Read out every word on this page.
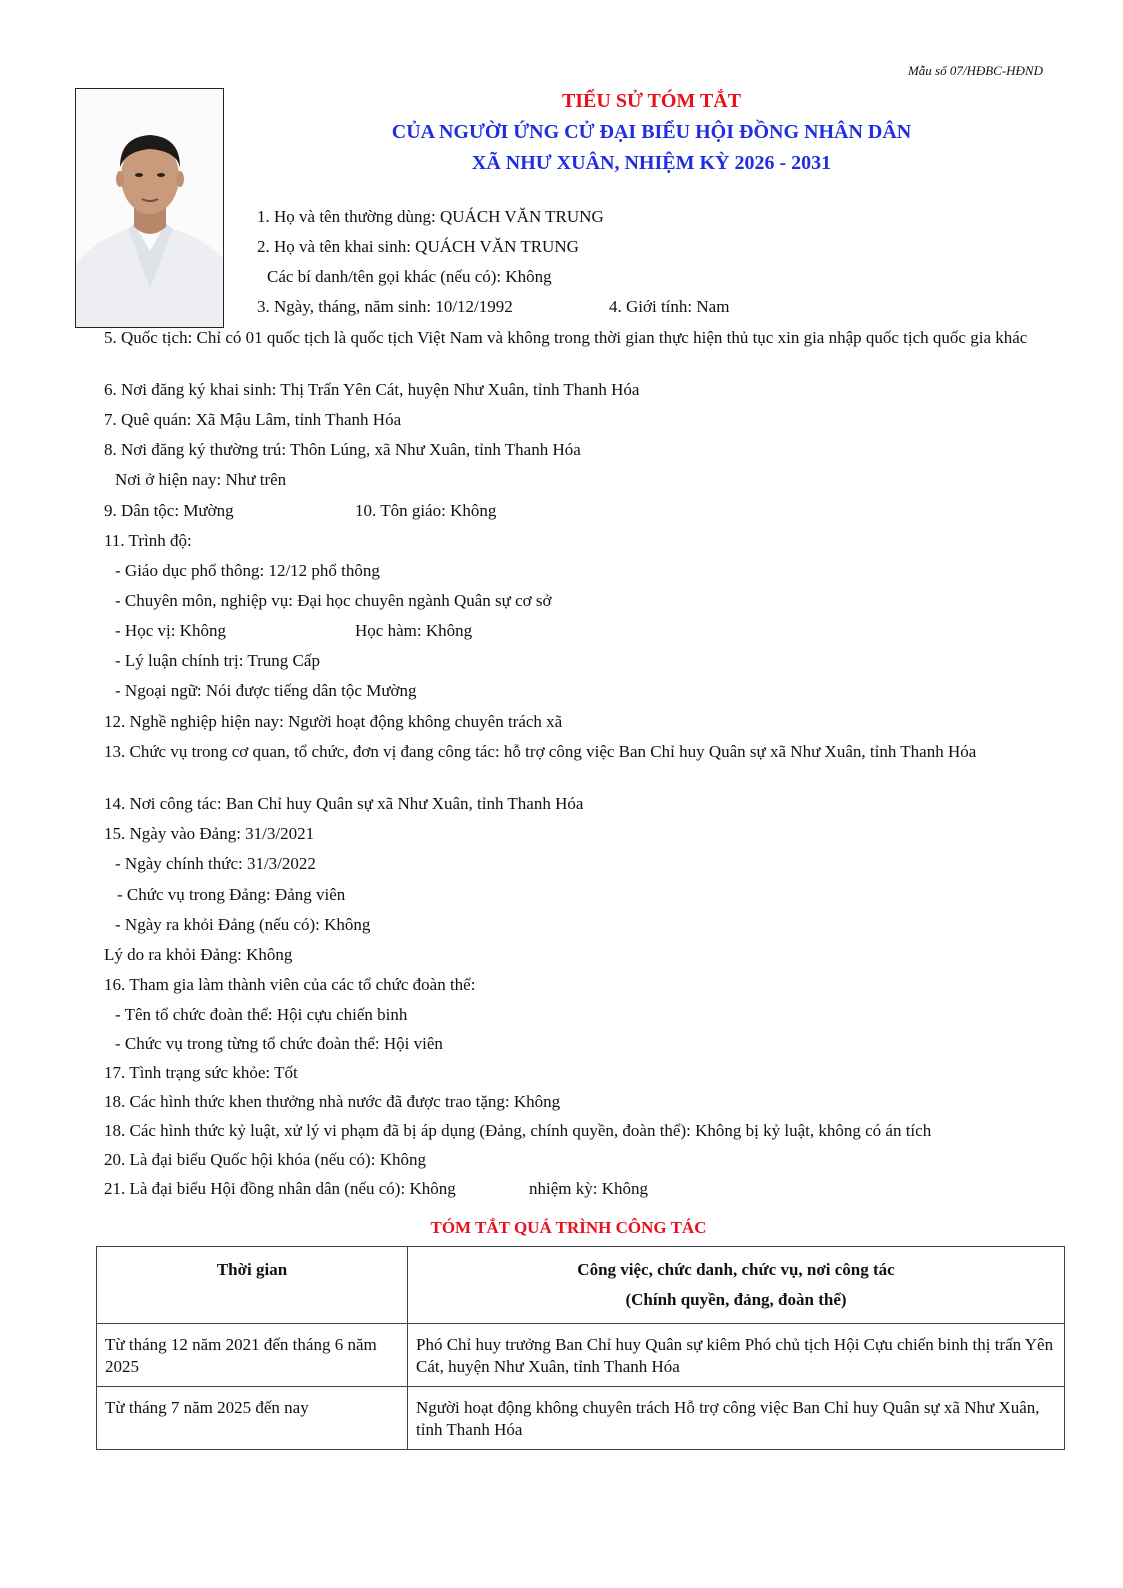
Mẫu số 07/HĐBC-HĐND
TIỂU SỬ TÓM TẮT
CỦA NGƯỜI ỨNG CỬ ĐẠI BIỂU HỘI ĐỒNG NHÂN DÂN
XÃ NHƯ XUÂN, NHIỆM KỲ 2026 - 2031
1. Họ và tên thường dùng: QUÁCH VĂN TRUNG
2. Họ và tên khai sinh: QUÁCH VĂN TRUNG
Các bí danh/tên gọi khác (nếu có): Không
3. Ngày, tháng, năm sinh: 10/12/1992	4. Giới tính: Nam
5. Quốc tịch: Chỉ có 01 quốc tịch là quốc tịch Việt Nam và không trong thời gian thực hiện thủ tục xin gia nhập quốc tịch quốc gia khác
6. Nơi đăng ký khai sinh: Thị Trấn Yên Cát, huyện Như Xuân, tỉnh Thanh Hóa
7. Quê quán: Xã Mậu Lâm, tỉnh Thanh Hóa
8. Nơi đăng ký thường trú: Thôn Lúng, xã Như Xuân, tỉnh Thanh Hóa
Nơi ở hiện nay: Như trên
9. Dân tộc: Mường	10. Tôn giáo: Không
11. Trình độ:
- Giáo dục phổ thông: 12/12 phổ thông
- Chuyên môn, nghiệp vụ: Đại học chuyên ngành Quân sự cơ sở
- Học vị: Không	Học hàm: Không
- Lý luận chính trị: Trung Cấp
- Ngoại ngữ: Nói được tiếng dân tộc Mường
12. Nghề nghiệp hiện nay: Người hoạt động không chuyên trách xã
13. Chức vụ trong cơ quan, tổ chức, đơn vị đang công tác: hỗ trợ công việc Ban Chỉ huy Quân sự xã Như Xuân, tỉnh Thanh Hóa
14. Nơi công tác: Ban Chỉ huy Quân sự xã Như Xuân, tỉnh Thanh Hóa
15. Ngày vào Đảng: 31/3/2021
- Ngày chính thức: 31/3/2022
- Chức vụ trong Đảng: Đảng viên
- Ngày ra khỏi Đảng (nếu có): Không
Lý do ra khỏi Đảng: Không
16. Tham gia làm thành viên của các tổ chức đoàn thể:
- Tên tổ chức đoàn thể: Hội cựu chiến binh
- Chức vụ trong từng tổ chức đoàn thể: Hội viên
17. Tình trạng sức khỏe: Tốt
18. Các hình thức khen thưởng nhà nước đã được trao tặng: Không
18. Các hình thức kỷ luật, xử lý vi phạm đã bị áp dụng (Đảng, chính quyền, đoàn thể): Không bị kỷ luật, không có án tích
20. Là đại biểu Quốc hội khóa (nếu có): Không
21. Là đại biểu Hội đồng nhân dân (nếu có): Không	nhiệm kỳ: Không
TÓM TẮT QUÁ TRÌNH CÔNG TÁC
Thời gian	Công việc, chức danh, chức vụ, nơi công tác
(Chính quyền, đảng, đoàn thể)
Từ tháng 12 năm 2021 đến tháng 6 năm 2025	Phó Chỉ huy trưởng Ban Chỉ huy Quân sự kiêm Phó chủ tịch Hội Cựu chiến binh thị trấn Yên Cát, huyện Như Xuân, tỉnh Thanh Hóa
Từ tháng 7 năm 2025 đến nay	Người hoạt động không chuyên trách Hỗ trợ công việc Ban Chỉ huy Quân sự xã Như Xuân, tỉnh Thanh Hóa
